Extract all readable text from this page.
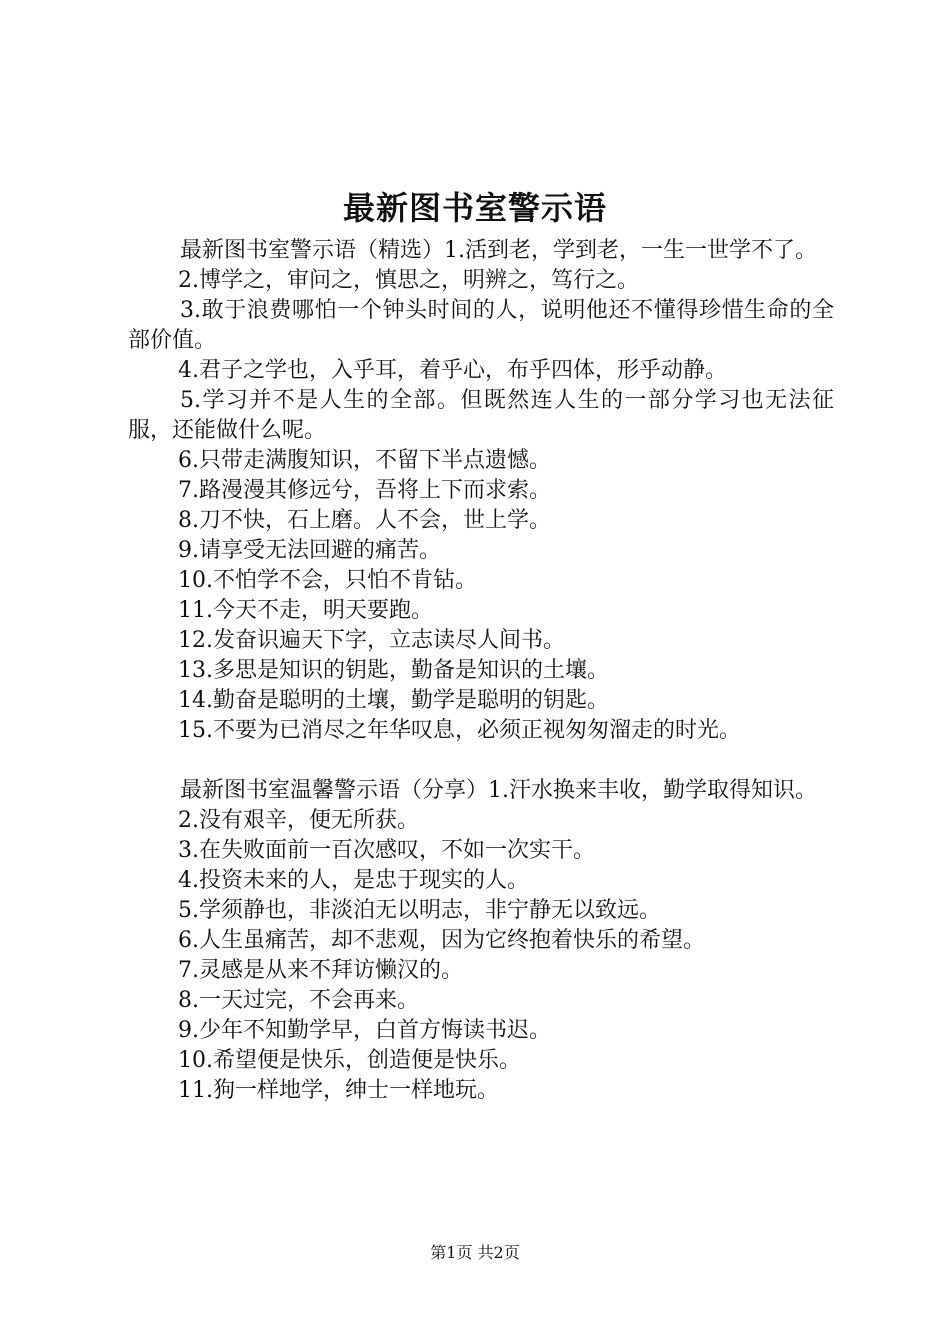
最新图书室警示语

最新图书室警示语（精选）1.活到老，学到老，一生一世学不了。

2.博学之，审问之，慎思之，明辨之，笃行之。

3.敢于浪费哪怕一个钟头时间的人，说明他还不懂得珍惜生命的全部价值。

4.君子之学也，入乎耳，着乎心，布乎四体，形乎动静。

5.学习并不是人生的全部。但既然连人生的一部分学习也无法征服，还能做什么呢。

6.只带走满腹知识，不留下半点遗憾。

7.路漫漫其修远兮，吾将上下而求索。

8.刀不快，石上磨。人不会，世上学。

9.请享受无法回避的痛苦。

10.不怕学不会，只怕不肯钻。

11.今天不走，明天要跑。

12.发奋识遍天下字，立志读尽人间书。

13.多思是知识的钥匙，勤备是知识的土壤。

14.勤奋是聪明的土壤，勤学是聪明的钥匙。

15.不要为已消尽之年华叹息，必须正视匆匆溜走的时光。

最新图书室温馨警示语（分享）1.汗水换来丰收，勤学取得知识。

2.没有艰辛，便无所获。

3.在失败面前一百次感叹，不如一次实干。

4.投资未来的人，是忠于现实的人。

5.学须静也，非淡泊无以明志，非宁静无以致远。

6.人生虽痛苦，却不悲观，因为它终抱着快乐的希望。

7.灵感是从来不拜访懒汉的。

8.一天过完，不会再来。

9.少年不知勤学早，白首方悔读书迟。

10.希望便是快乐，创造便是快乐。

11.狗一样地学，绅士一样地玩。

第1页 共2页
